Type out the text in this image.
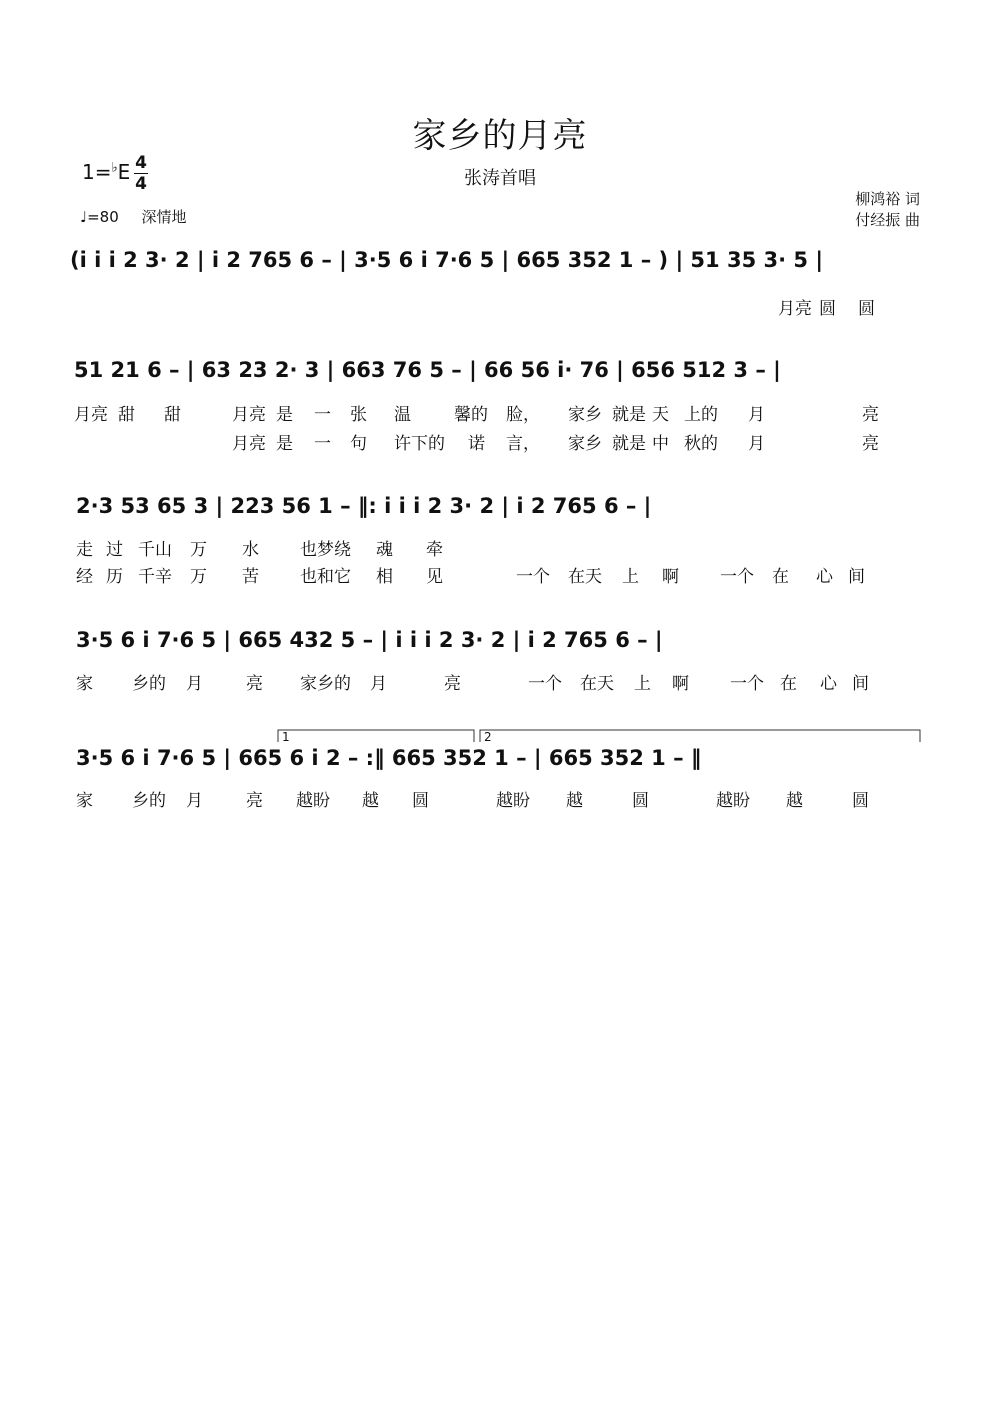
家乡的月亮
张涛首唱
1=♭E 4
4
♩=80 深情地
柳鸿裕 词
付经振 曲
(i i i 2 3· 2 | i 2 765 6 – | 3·5 6 i 7·6 5 | 665 352 1 – ) | 51 35 3· 5 |
月亮 圆 圆
51 21 6 – | 63 23 2· 3 | 663 76 5 – | 66 56 i· 76 | 656 512 3 – |
月亮 甜 甜	月亮 是 一 张 温	馨的 脸， 家乡 就是 天 上的 月	亮
月亮 是 一 句 许下的 诺 言， 家乡 就是 中 秋的 月	亮
2·3 53 65 3 | 223 56 1 – ‖: i i i 2 3· 2 | i 2 765 6 – |
走 过 千山 万 水 也梦绕 魂 牵
经 历 千辛 万 苦 也和它 相 见	一个 在天 上 啊 一个 在 心 间
3·5 6 i 7·6 5 | 665 432 5 – | i i i 2 3· 2 | i 2 765 6 – |
家 乡的 月	亮 家乡的 月	亮	一个 在天 上 啊 一个 在 心 间
3·5 6 i 7·6 5 | 665 6 i 2 – :‖ 665 352 1 – | 665 352 1 – ‖
家 乡的 月	亮 越盼 越 圆	越盼 越	圆	越盼 越	圆
1	2
